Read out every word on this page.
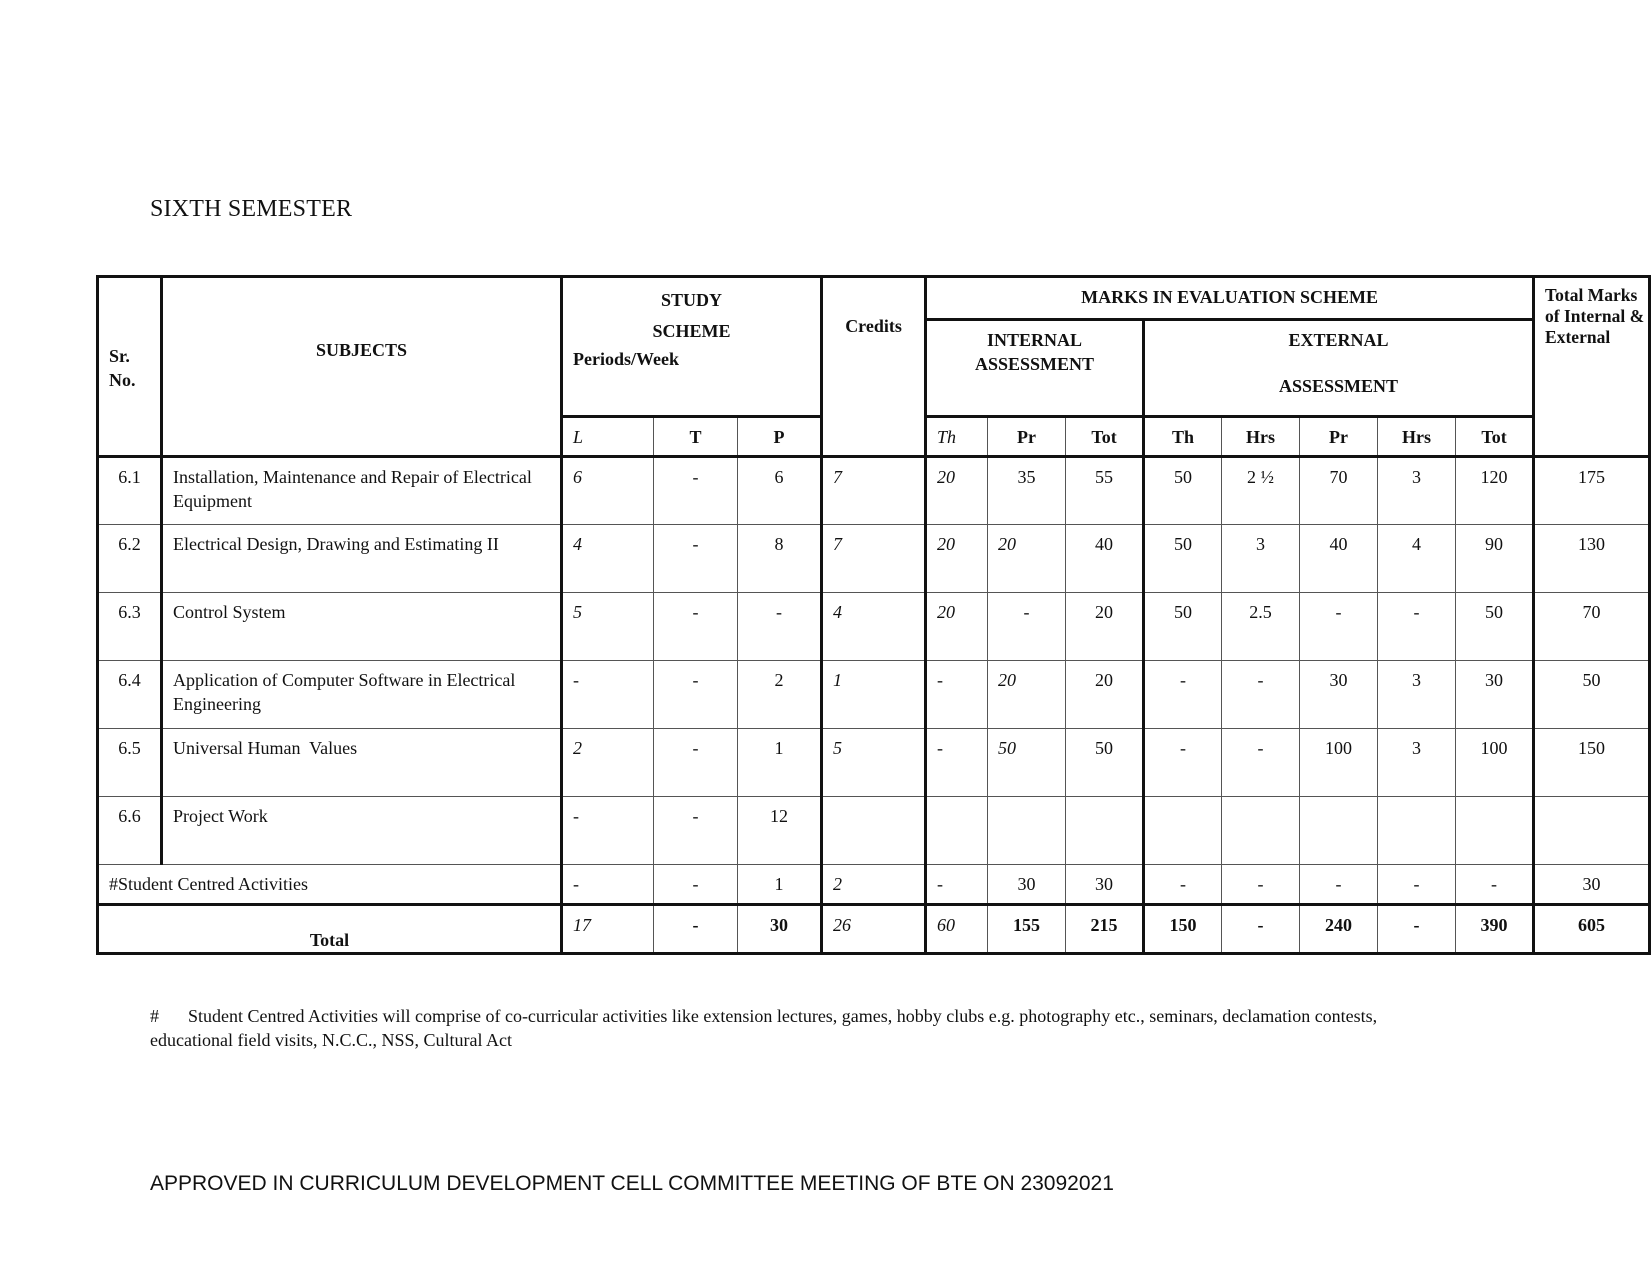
SIXTH SEMESTER
Sr. No.	SUBJECTS	STUDY
SCHEME
Periods/Week			Credits	MARKS IN EVALUATION SCHEME								Total Marks of Internal & External

						INTERNAL ASSESSMENT			EXTERNAL
ASSESSMENT					

		L	T	P		Th	Pr	Tot	Th	Hrs	Pr	Hrs	Tot	
6.1	Installation, Maintenance and Repair of Electrical Equipment	6	-	6	7	20	35	55	50	2 ½	70	3	120	175
6.2	Electrical Design, Drawing and Estimating II	4	-	8	7	20	20	40	50	3	40	4	90	130
6.3	Control System	5	-	-	4	20	-	20	50	2.5	-	-	50	70
6.4	Application of Computer Software in Electrical Engineering	-	-	2	1	-	20	20	-	-	30	3	30	50
6.5	Universal Human  Values	2	-	1	5	-	50	50	-	-	100	3	100	150
6.6	Project Work	-	-	12										
#Student Centred Activities		-	-	1	2	-	30	30	-	-	-	-	-	30

Total		17	-	30	26	60	155	215	150	-	240	-	390	605
# Student Centred Activities will comprise of co-curricular activities like extension lectures, games, hobby clubs e.g. photography etc., seminars, declamation contests, educational field visits, N.C.C., NSS, Cultural Act
APPROVED IN CURRICULUM DEVELOPMENT CELL COMMITTEE MEETING OF BTE ON 23092021
